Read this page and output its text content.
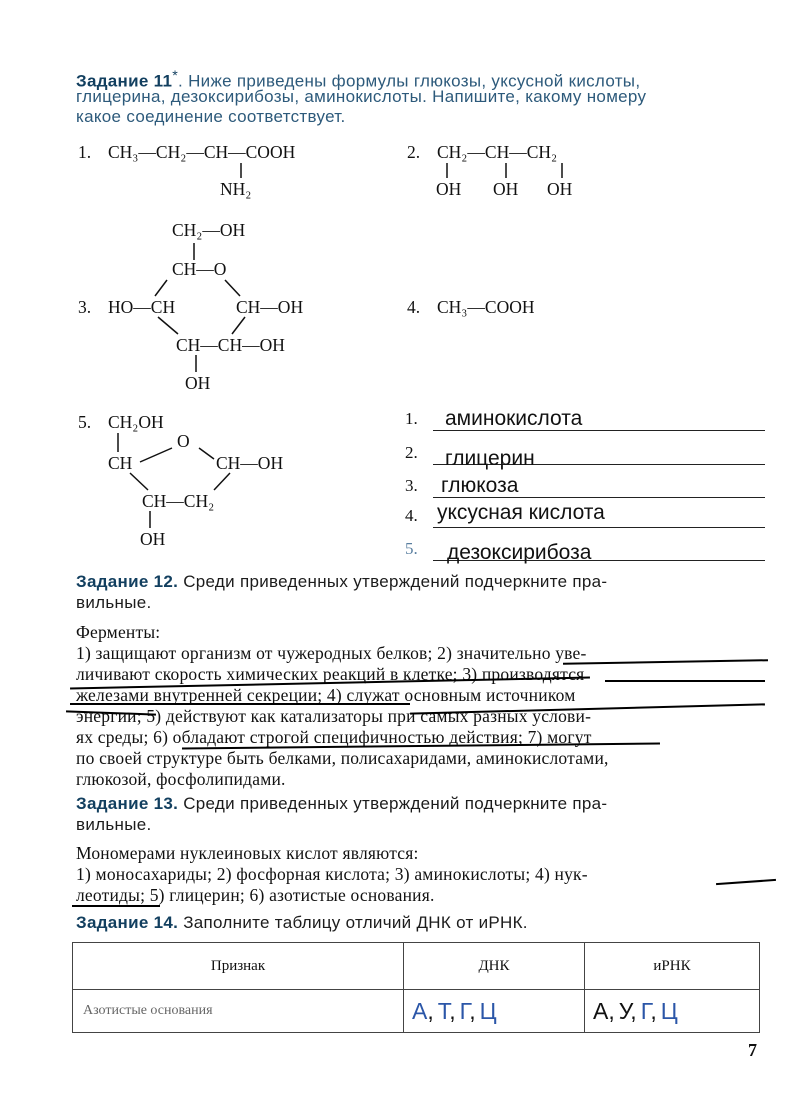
Задание 11*. Ниже приведены формулы глюкозы, уксусной кислоты,
глицерина, дезоксирибозы, аминокислоты. Напишите, какому номеру
какое соединение соответствует.
1. CH₃—CH₂—CH—COOH
NH₂
2. CH₂—CH—CH₂
OH OH OH
CH₂—OH
CH—O
3. HO—CH	CH—OH
CH—CH—OH
OH
4. CH₃—COOH
5. CH₂OH
O
CH	CH—OH
CH—CH₂
OH
1. аминокислота
2. глицерин
3. глюкоза
4. уксусная кислота
5. дезоксирибоза
Задание 12. Среди приведенных утверждений подчеркните пра-
вильные.
Ферменты:
1) защищают организм от чужеродных белков; 2) значительно уве-
личивают скорость химических реакций в клетке; 3) производятся
железами внутренней секреции; 4) служат основным источником
энергии; 5) действуют как катализаторы при самых разных услови-
ях среды; 6) обладают строгой специфичностью действия; 7) могут
по своей структуре быть белками, полисахаридами, аминокислотами,
глюкозой, фосфолипидами.
Задание 13. Среди приведенных утверждений подчеркните пра-
вильные.
Мономерами нуклеиновых кислот являются:
1) моносахариды; 2) фосфорная кислота; 3) аминокислоты; 4) нук-
леотиды; 5) глицерин; 6) азотистые основания.
Задание 14. Заполните таблицу отличий ДНК от иРНК.
Признак	ДНК	иРНК
Азотистые основания	А, Т, Г, Ц	А, У, Г, Ц
7
